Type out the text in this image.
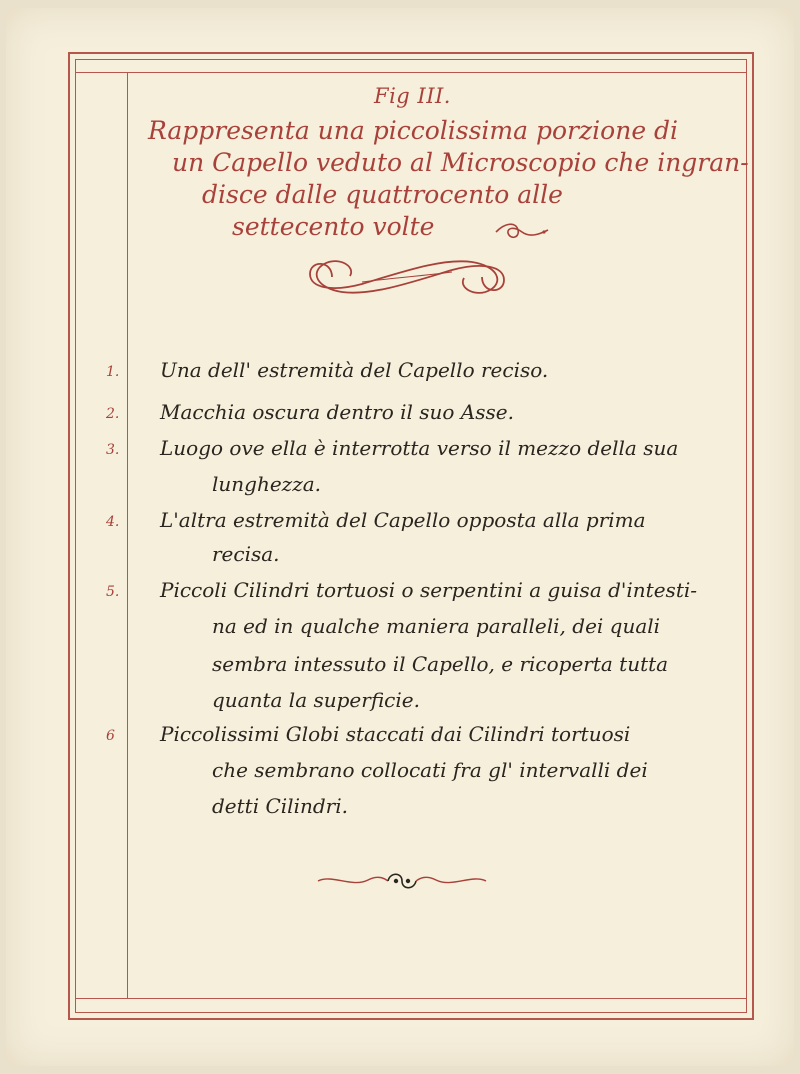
Fig III.
Rappresenta una piccolissima porzione di
un Capello veduto al Microscopio che ingran-
disce dalle quattrocento alle
settecento volte
1. Una dell' estremità del Capello reciso.
2. Macchia oscura dentro il suo Asse.
3. Luogo ove ella è interrotta verso il mezzo della sua
lunghezza.
4. L'altra estremità del Capello opposta alla prima
recisa.
5. Piccoli Cilindri tortuosi o serpentini a guisa d'intesti-
na ed in qualche maniera paralleli, dei quali
sembra intessuto il Capello, e ricoperta tutta
quanta la superficie.
6 Piccolissimi Globi staccati dai Cilindri tortuosi
che sembrano collocati fra gl' intervalli dei
detti Cilindri.
